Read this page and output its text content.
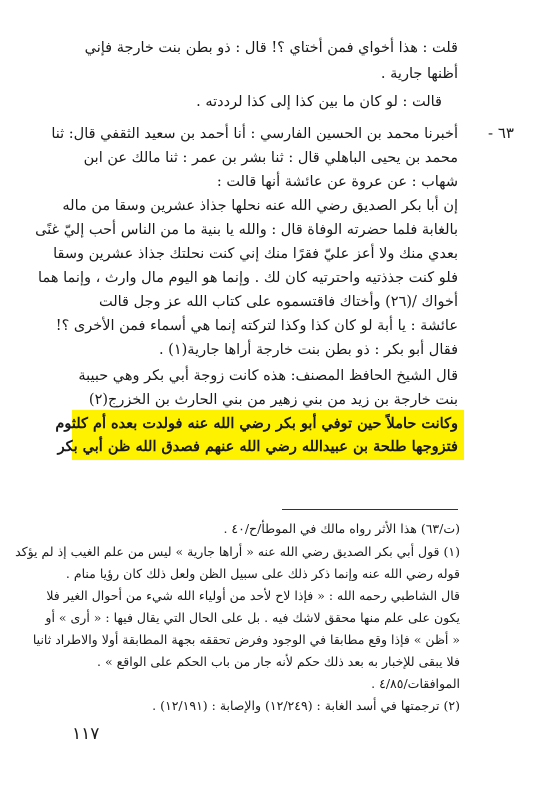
قلت : هذا أخواي فمن أختاي ؟! قال : ذو بطن بنت خارجة فإني
أظنها جارية .
قالت : لو كان ما بين كذا إلى كذا لرددته .
٦٣ -
أخبرنا محمد بن الحسين الفارسي : أنا أحمد بن سعيد الثقفي قال: ثنا
محمد بن يحيى الباهلي قال : ثنا بشر بن عمر : ثنا مالك عن ابن
شهاب : عن عروة عن عائشة أنها قالت :
إن أبا بكر الصديق رضي الله عنه نحلها جذاذ عشرين وسقا من ماله
بالغابة فلما حضرته الوفاة قال : والله يا بنية ما من الناس أحب إليّ غنًى
بعدي منك ولا أعز عليّ فقرًا منك إني كنت نحلتك جذاذ عشرين وسقا
فلو كنت جذذتيه واحترتيه كان لك . وإنما هو اليوم مال وارث ، وإنما هما
أخواك /(٢٦) وأختاك فاقتسموه على كتاب الله عز وجل قالت
عائشة : يا أبة لو كان كذا وكذا لتركته إنما هي أسماء فمن الأخرى ؟!
فقال أبو بكر : ذو بطن بنت خارجة أراها جارية(١) .
قال الشيخ الحافظ المصنف: هذه كانت زوجة أبي بكر وهي حبيبة
بنت خارجة بن زيد من بني زهير من بني الحارث بن الخزرج(٢)
وكانت حاملاً حين توفي أبو بكر رضي الله عنه فولدت بعده أم كلثوم
فتزوجها طلحة بن عبيدالله رضي الله عنهم فصدق الله ظن أبي بكر
(ت/٦٣) هذا الأثر رواه مالك في الموطأ/ح/٤٠ .
(١) قول أبي بكر الصديق رضي الله عنه « أراها جارية » ليس من علم الغيب إذ لم يؤكد
قوله رضي الله عنه وإنما ذكر ذلك على سبيل الظن ولعل ذلك كان رؤيا منام .
قال الشاطبي رحمه الله : « فإذا لاح لأحد من أولياء الله شيء من أحوال الغير فلا
يكون على علم منها محقق لاشك فيه . بل على الحال التي يقال فيها : « أرى » أو
« أظن » فإذا وقع مطابقا في الوجود وفرض تحققه بجهة المطابقة أولا والاطراد ثانيا
فلا يبقى للإخبار به بعد ذلك حكم لأنه جار من باب الحكم على الواقع » .
الموافقات/٤/٨٥ .
(٢) ترجمتها في أسد الغابة : (١٢/٢٤٩) والإصابة : (١٢/١٩١) .
١١٧
